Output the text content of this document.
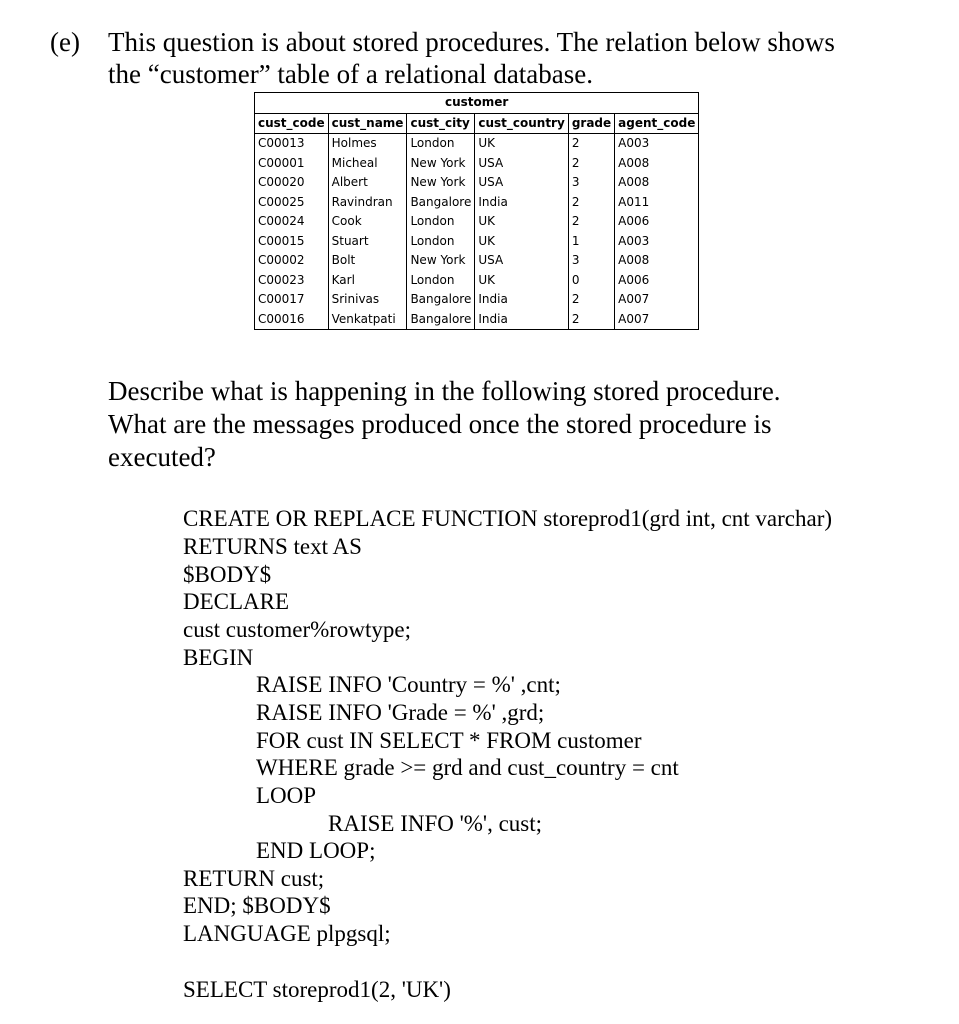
(e) This question is about stored procedures. The relation below shows
the “customer” table of a relational database.
customer					
cust_code	cust_name	cust_city	cust_country	grade	agent_code
C00013	Holmes	London	UK	2	A003
C00001	Micheal	New York	USA	2	A008
C00020	Albert	New York	USA	3	A008
C00025	Ravindran	Bangalore	India	2	A011
C00024	Cook	London	UK	2	A006
C00015	Stuart	London	UK	1	A003
C00002	Bolt	New York	USA	3	A008
C00023	Karl	London	UK	0	A006
C00017	Srinivas	Bangalore	India	2	A007
C00016	Venkatpati	Bangalore	India	2	A007
Describe what is happening in the following stored procedure.
What are the messages produced once the stored procedure is
executed?
CREATE OR REPLACE FUNCTION storeprod1(grd int, cnt varchar)
RETURNS text AS
$BODY$
DECLARE
cust customer%rowtype;
BEGIN
RAISE INFO 'Country = %' ,cnt;
RAISE INFO 'Grade = %' ,grd;
FOR cust IN SELECT * FROM customer
WHERE grade >= grd and cust_country = cnt
LOOP
RAISE INFO '%', cust;
END LOOP;
RETURN cust;
END; $BODY$
LANGUAGE plpgsql;
SELECT storeprod1(2, 'UK')
